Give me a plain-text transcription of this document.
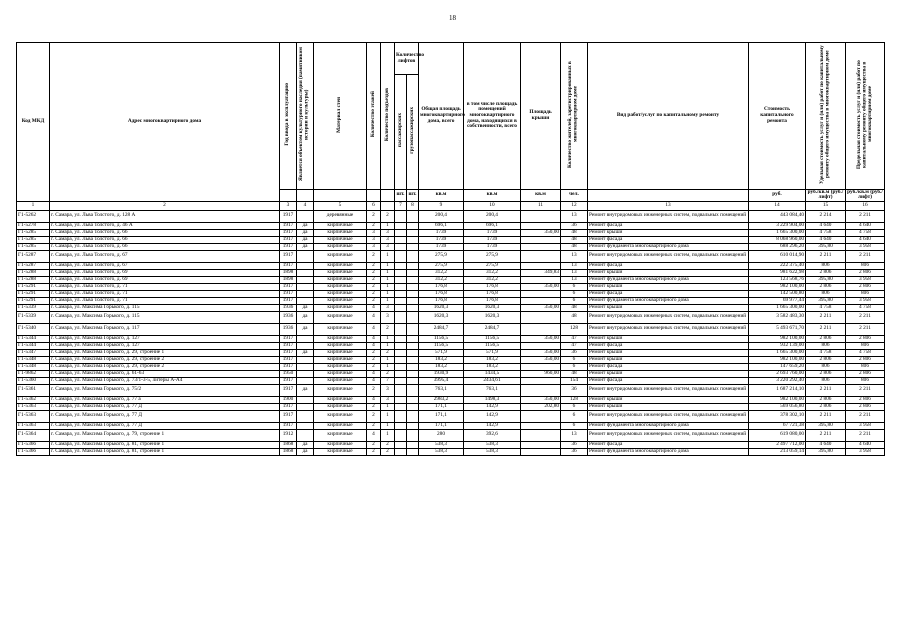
18
Код МКД	Адрес многоквартирного дома	Год ввода в эксплуатацию	Является объектом культурного наследия (памятником истории и культуры)	Материал стен	Количество этажей	Количество подъездов	Количество лифтов		Общая площадь многоквартирного дома, всего	в том числе площадь помещений многоквартирного дома, находящихся в собственности, всего	Площадь крыши	Количество жителей, зарегистрированных в многоквартирном доме	Вид работ/услуг по капитальному ремонту	Стоимость капитального ремонта	Удельная стоимость услуг и (или) работ по капитальному ремонту общего имущества в многоквартирном доме	Предельная стоимость услуг и (или) работ по капитальному ремонту общего имущества в многоквартирном доме
							пассажирских	грузопассажирских								
							шт.	шт.	кв.м	кв.м	кв.м	чел.		руб.	руб./кв.м (руб./лифт)	руб./кв.м (руб./лифт)
1	2	3	4	5	6		7	8	9	10	11	12	13	14	15	16
Г1-5262	г. Самара, ул. Льва Толстого, д. 128 А	1917		деревянные	2	2			200,4	200,4		13	Ремонт внутридомовых инженерных систем, подвальных помещений	443 084,40	2 214	2 211
Г1-5278	г. Самара, ул. Льва Толстого, д. 46 А	1917	да	кирпичные	2	1			696,1	696,1		36	Ремонт фасада	3 229 904,00	4 640	4 640
Г1-5285	г. Самара, ул. Льва Толстого, д. 66	1917	да	кирпичные	3	3			1739	1739	350,00	48	Ремонт крыши	1 665 300,00	4 758	4 758
Г1-5285	г. Самара, ул. Льва Толстого, д. 66	1917	да	кирпичные	3	3			1739	1739		48	Ремонт фасада	8 068 960,00	4 640	4 640
Г1-5285	г. Самара, ул. Льва Толстого, д. 66	1917	да	кирпичные	3	3			1739	1739		48	Ремонт фундамента многоквартирного дома	688 296,20	395,80	3 958
Г1-5287	г. Самара, ул. Льва Толстого, д. 67	1917		кирпичные	2	1			275,9	275,9		13	Ремонт внутридомовых инженерных систем, подвальных помещений	610 014,90	2 211	2 211
Г1-5287	г. Самара, ул. Льва Толстого, д. 67	1917		кирпичные	2	1			275,9	275,9		13	Ремонт фасада	222 375,40	806	806
Г1-5288	г. Самара, ул. Льва Толстого, д. 69	1898		кирпичные	2	1			312,2	312,2	349,83	13	Ремонт крыши	981 622,98	2 806	2 806
Г1-5288	г. Самара, ул. Льва Толстого, д. 69	1898		кирпичные	2	1			312,2	312,2		13	Ремонт фундамента многоквартирного дома	123 568,76	395,80	3 958
Г1-5291	г. Самара, ул. Льва Толстого, д. 71	1917		кирпичные	2	1			176,8	176,8	350,00	6	Ремонт крыши	982 100,00	2 806	2 806
Г1-5291	г. Самара, ул. Льва Толстого, д. 71	1917		кирпичные	2	1			176,8	176,8		6	Ремонт фасада	142 500,80	806	806
Г1-5291	г. Самара, ул. Льва Толстого, д. 71	1917		кирпичные	2	1			176,8	176,8		6	Ремонт фундамента многоквартирного дома	69 977,44	395,80	3 958
Г1-5339	г. Самара, ул. Максима Горького, д. 115	1936	да	кирпичные	4	3			1620,3	1620,3	350,00	48	Ремонт крыши	1 665 300,00	4 758	4 758
Г1-5339	г. Самара, ул. Максима Горького, д. 115	1936	да	кирпичные	4	3			1620,3	1620,3		48	Ремонт внутридомовых инженерных систем, подвальных помещений	3 582 483,30	2 211	2 211
Г1-5340	г. Самара, ул. Максима Горького, д. 117	1936	да	кирпичные	4	2			2484,7	2484,7		128	Ремонт внутридомовых инженерных систем, подвальных помещений	5 493 671,70	2 211	2 211
Г1-5344	г. Самара, ул. Максима Горького, д. 127	1917		кирпичные	4	1			1156,5	1156,5	350,00	47	Ремонт крыши	982 100,00	2 806	2 806
Г1-5344	г. Самара, ул. Максима Горького, д. 127	1917		кирпичные	4	1			1156,5	1156,5		47	Ремонт фасада	932 139,00	806	806
Г1-5347	г. Самара, ул. Максима Горького, д. 29, строение 1	1917	да	кирпичные	2	2			571,9	571,9	350,00	36	Ремонт крыши	1 665 300,00	4 758	4 758
Г1-5348	г. Самара, ул. Максима Горького, д. 29, строение 2	1917		кирпичные	2	1			183,2	183,2	350,00	6	Ремонт крыши	982 100,00	2 806	2 806
Г1-5348	г. Самара, ул. Максима Горького, д. 29, строение 2	1917		кирпичные	2	1			183,2	183,2		6	Ремонт фасада	147 659,20	806	806
Г1-9862	г. Самара, ул. Максима Горького, д. 61-63	1950		кирпичные	4	2			1930,9	1434,5	960,00	48	Ремонт крыши	2 693 760,00	2 806	2 806
Г1-5360	г. Самара, ул. Максима Горького, д. 73/1-3-5, литеры А-А4	1917		кирпичные	4	7			3995,4	2434,61		154	Ремонт фасада	3 220 292,40	806	806
Г1-5361	г. Самара, ул. Максима Горького, д. 75/2	1917	да	кирпичные	2	3			763,1	763,1		36	Ремонт внутридомовых инженерных систем, подвальных помещений	1 687 214,10	2 211	2 211
Г1-5362	г. Самара, ул. Максима Горького, д. 77 а	1900		кирпичные	4	3			2983,2	1498,3	350,00	128	Ремонт крыши	982 100,00	2 806	2 806
Г1-5363	г. Самара, ул. Максима Горького, д. 77 Д	1917		кирпичные	2	1			171,1	142,9	202,80	6	Ремонт крыши	569 056,80	2 806	2 806
Г1-5363	г. Самара, ул. Максима Горького, д. 77 Д	1917		кирпичные	2	1			171,1	142,9		6	Ремонт внутридомовых инженерных систем, подвальных помещений	378 302,10	2 211	2 211
Г1-5363	г. Самара, ул. Максима Горького, д. 77 Д	1917		кирпичные	2	1			171,1	142,9		6	Ремонт фундамента многоквартирного дома	67 721,38	395,80	3 958
Г1-5364	г. Самара, ул. Максима Горького, д. 79, строение 1	1912		кирпичные	4	1			280	392,6		13	Ремонт внутридомовых инженерных систем, подвальных помещений	619 080,00	2 211	2 211
Г1-5366	г. Самара, ул. Максима Горького, д. 81, строение 1	1868	да	кирпичные	2	2			538,3	538,3		36	Ремонт фасада	2 497 712,00	4 640	4 640
Г1-5366	г. Самара, ул. Максима Горького, д. 81, строение 1	1868	да	кирпичные	2	2			538,3	538,3		36	Ремонт фундамента многоквартирного дома	213 059,14	395,80	3 958
